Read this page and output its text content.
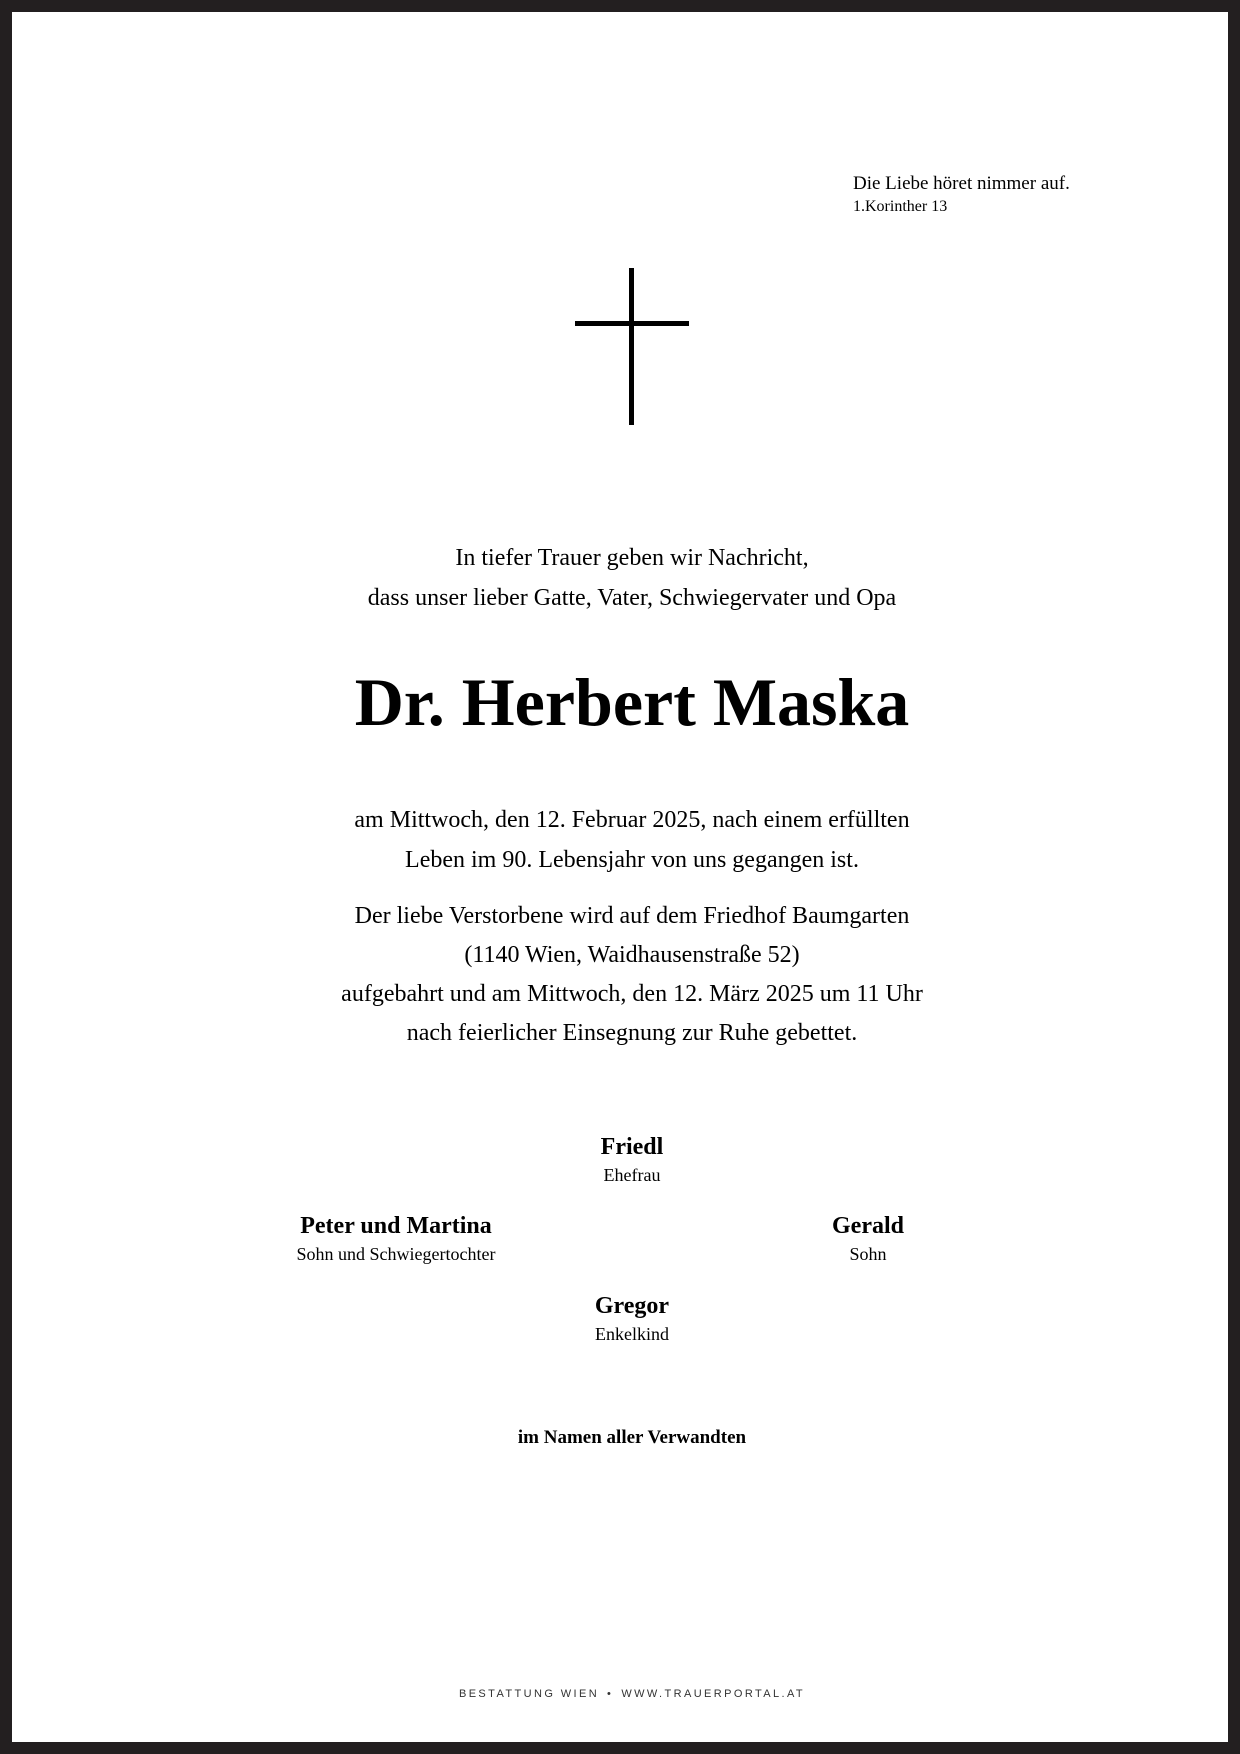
Die Liebe höret nimmer auf.
1.Korinther 13
In tiefer Trauer geben wir Nachricht,
dass unser lieber Gatte, Vater, Schwiegervater und Opa
Dr. Herbert Maska
am Mittwoch, den 12. Februar 2025, nach einem erfüllten
Leben im 90. Lebensjahr von uns gegangen ist.
Der liebe Verstorbene wird auf dem Friedhof Baumgarten
(1140 Wien, Waidhausenstraße 52)
aufgebahrt und am Mittwoch, den 12. März 2025 um 11 Uhr
nach feierlicher Einsegnung zur Ruhe gebettet.
Friedl
Ehefrau
Peter und Martina
Sohn und Schwiegertochter
Gerald
Sohn
Gregor
Enkelkind
im Namen aller Verwandten
BESTATTUNG WIEN • WWW.TRAUERPORTAL.AT
